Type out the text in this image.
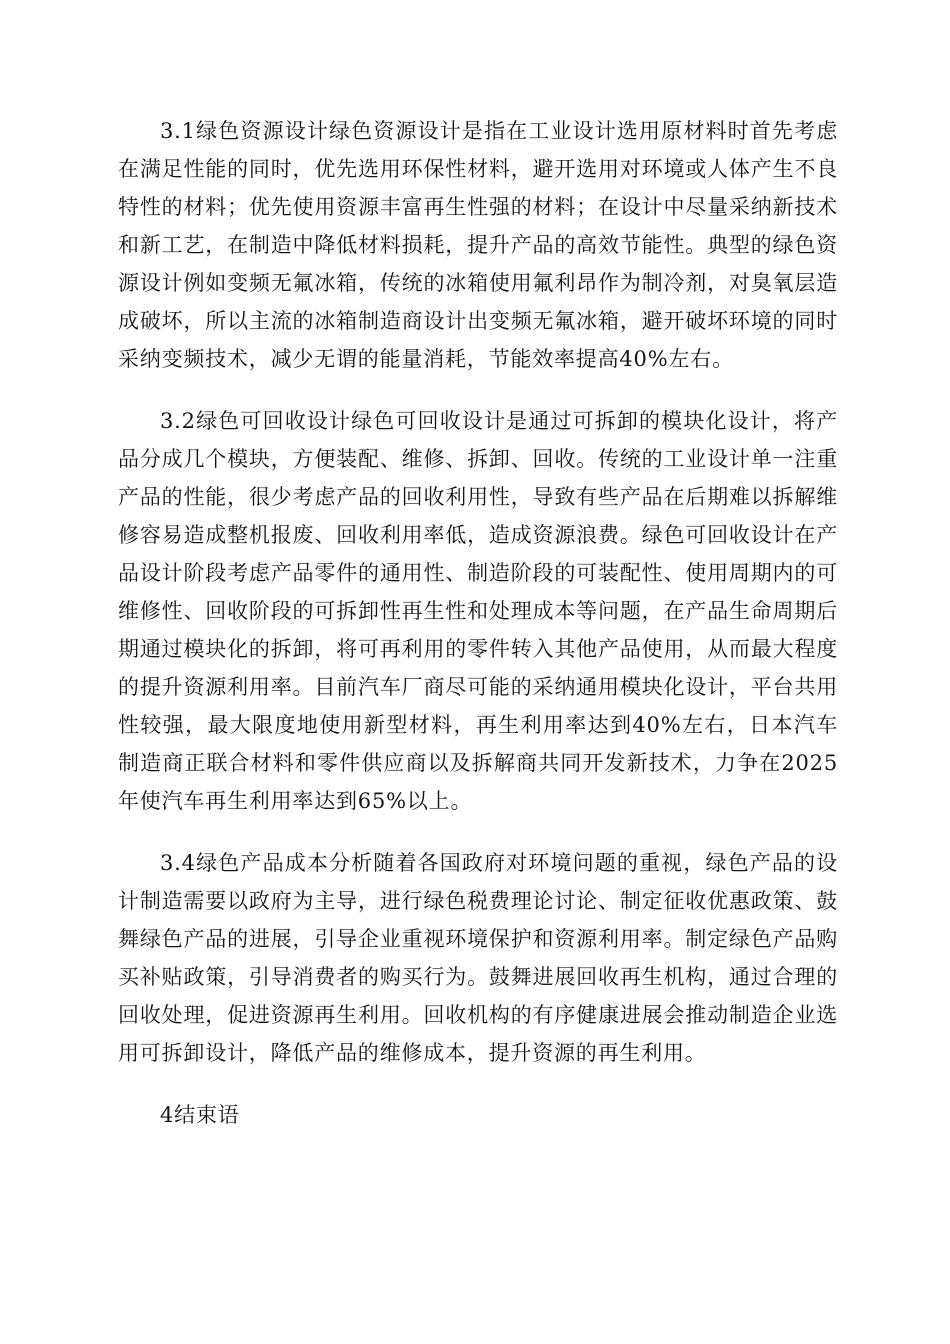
3.1绿色资源设计绿色资源设计是指在工业设计选用原材料时首先考虑在满足性能的同时，优先选用环保性材料，避开选用对环境或人体产生不良特性的材料；优先使用资源丰富再生性强的材料；在设计中尽量采纳新技术和新工艺，在制造中降低材料损耗，提升产品的高效节能性。典型的绿色资源设计例如变频无氟冰箱，传统的冰箱使用氟利昂作为制冷剂，对臭氧层造成破坏，所以主流的冰箱制造商设计出变频无氟冰箱，避开破坏环境的同时采纳变频技术，减少无谓的能量消耗，节能效率提高40%左右。

3.2绿色可回收设计绿色可回收设计是通过可拆卸的模块化设计，将产品分成几个模块，方便装配、维修、拆卸、回收。传统的工业设计单一注重产品的性能，很少考虑产品的回收利用性，导致有些产品在后期难以拆解维修容易造成整机报废、回收利用率低，造成资源浪费。绿色可回收设计在产品设计阶段考虑产品零件的通用性、制造阶段的可装配性、使用周期内的可维修性、回收阶段的可拆卸性再生性和处理成本等问题，在产品生命周期后期通过模块化的拆卸，将可再利用的零件转入其他产品使用，从而最大程度的提升资源利用率。目前汽车厂商尽可能的采纳通用模块化设计，平台共用性较强，最大限度地使用新型材料，再生利用率达到40%左右，日本汽车制造商正联合材料和零件供应商以及拆解商共同开发新技术，力争在2025年使汽车再生利用率达到65%以上。

3.4绿色产品成本分析随着各国政府对环境问题的重视，绿色产品的设计制造需要以政府为主导，进行绿色税费理论讨论、制定征收优惠政策、鼓舞绿色产品的进展，引导企业重视环境保护和资源利用率。制定绿色产品购买补贴政策，引导消费者的购买行为。鼓舞进展回收再生机构，通过合理的回收处理，促进资源再生利用。回收机构的有序健康进展会推动制造企业选用可拆卸设计，降低产品的维修成本，提升资源的再生利用。

4结束语
